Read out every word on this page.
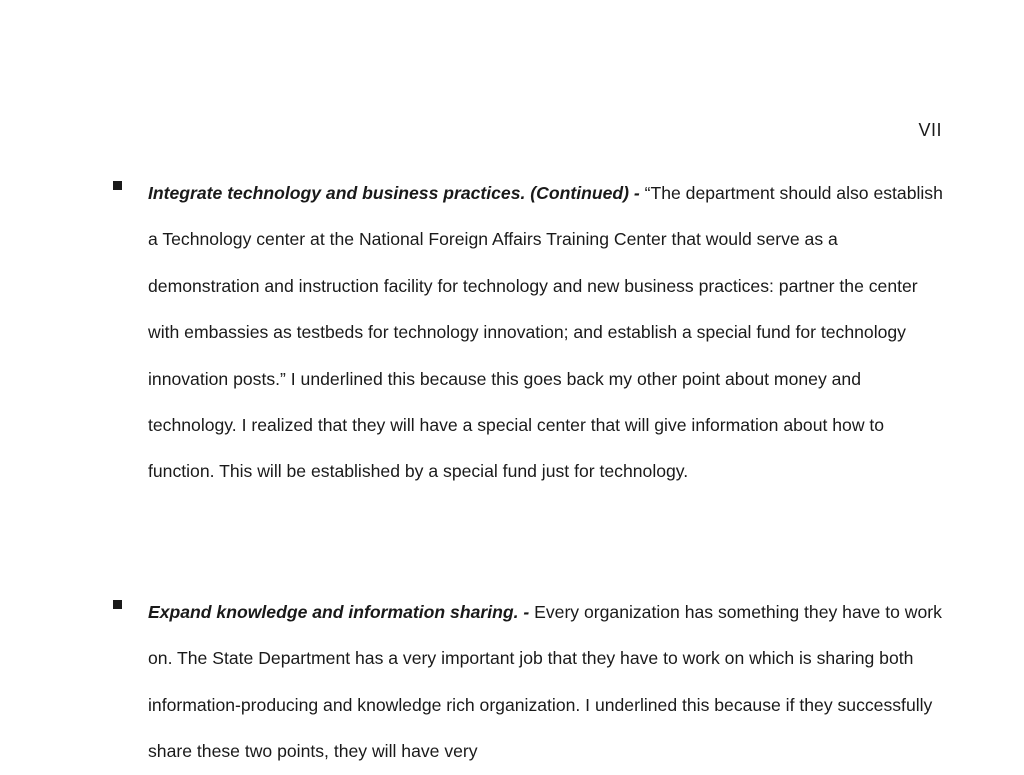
VII
Integrate technology and business practices. (Continued) - “The department should also establish a Technology center at the National Foreign Affairs Training Center that would serve as a demonstration and instruction facility for technology and new business practices: partner the center with embassies as testbeds for technology innovation; and establish a special fund for technology innovation posts.” I underlined this because this goes back my other point about money and technology. I realized that they will have a special center that will give information about how to function. This will be established by a special fund just for technology.
Expand knowledge and information sharing. - Every organization has something they have to work on. The State Department has a very important job that they have to work on which is sharing both information-producing and knowledge rich organization. I underlined this because if they successfully share these two points, they will have very
